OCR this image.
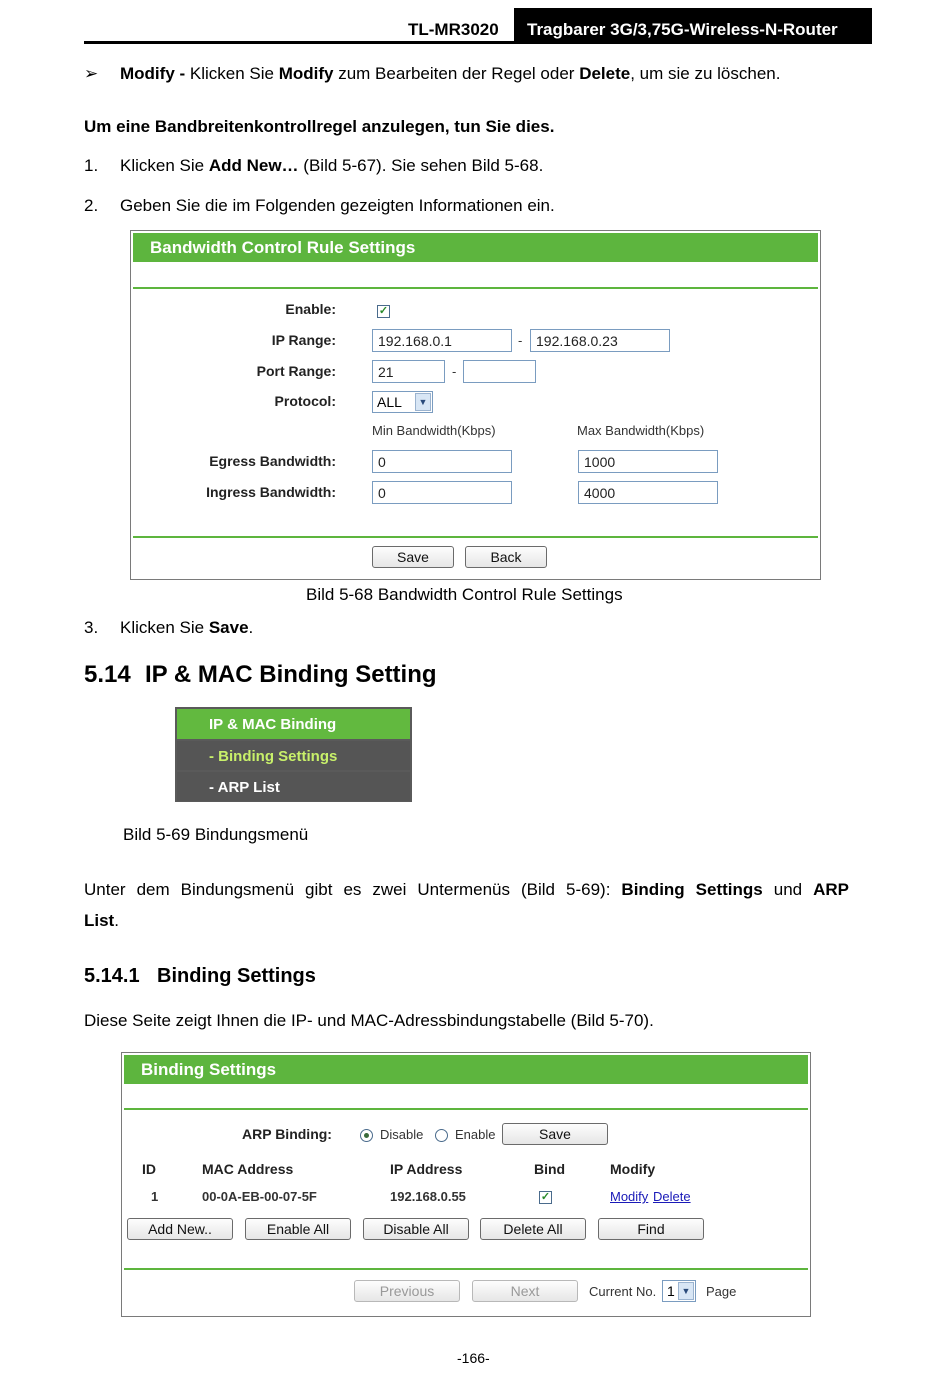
TL-MR3020	Tragbarer 3G/3,75G-Wireless-N-Router
➢ Modify - Klicken Sie Modify zum Bearbeiten der Regel oder Delete, um sie zu löschen.
Um eine Bandbreitenkontrollregel anzulegen, tun Sie dies.
1. Klicken Sie Add New… (Bild 5-67). Sie sehen Bild 5-68.
2. Geben Sie die im Folgenden gezeigten Informationen ein.
Bandwidth Control Rule Settings
Enable:	✓
IP Range:	192.168.0.1	- 192.168.0.23
Port Range:	21	-
Protocol:	ALL	▼
Min Bandwidth(Kbps)	Max Bandwidth(Kbps)
Egress Bandwidth:	0	1000
Ingress Bandwidth:	0	4000
Save	Back
Bild 5-68 Bandwidth Control Rule Settings
3. Klicken Sie Save.
5.14 IP & MAC Binding Setting
IP & MAC Binding
- Binding Settings
- ARP List
Bild 5-69 Bindungsmenü
Unter dem Bindungsmenü gibt es zwei Untermenüs (Bild 5-69): Binding Settings und ARP
List.
5.14.1 Binding Settings
Diese Seite zeigt Ihnen die IP- und MAC-Adressbindungstabelle (Bild 5-70).
Binding Settings
ARP Binding:	Disable Enable	Save
ID	MAC Address	IP Address	Bind	Modify
1	00-0A-EB-00-07-5F	192.168.0.55	✓	Modify Delete
Add New..	Enable All	Disable All	Delete All	Find
Previous	Next	Current No. 1 ▼ Page
-166-
